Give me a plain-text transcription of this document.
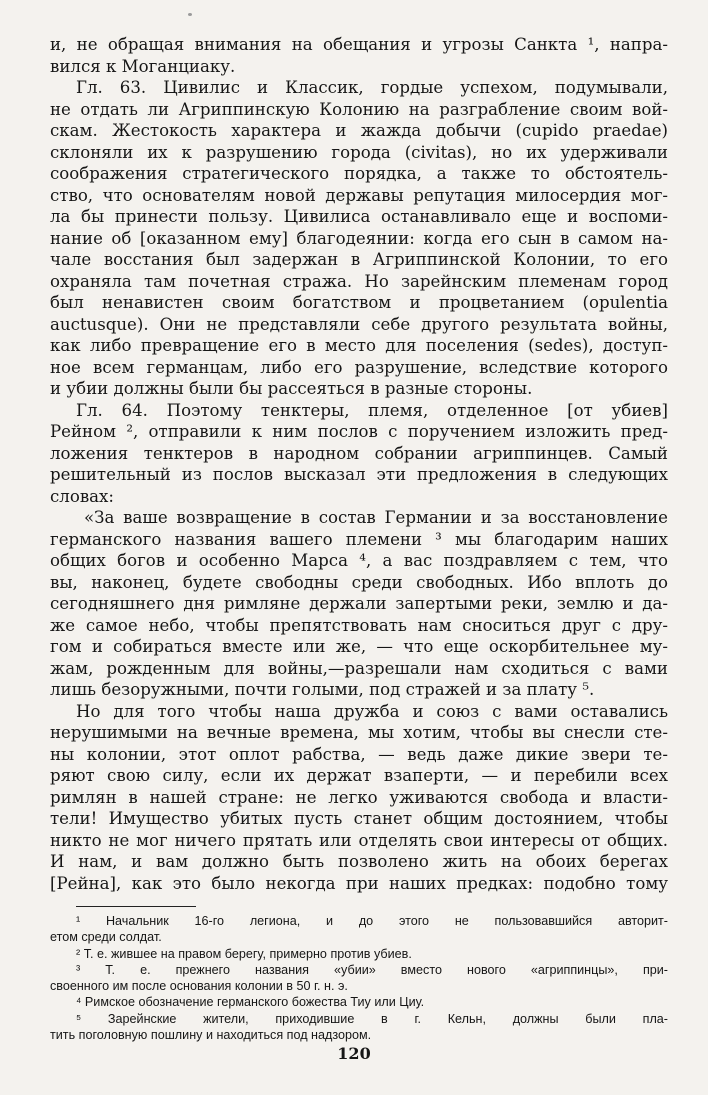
и, не обращая внимания на обещания и угрозы Санкта ¹, напра-
вился к Моганциаку.
Гл. 63. Цивилис и Классик, гордые успехом, подумывали,
не отдать ли Агриппинскую Колонию на разграбление своим вой-
скам. Жестокость характера и жажда добычи (cupido praedae)
склоняли их к разрушению города (civitas), но их удерживали
соображения стратегического порядка, а также то обстоятель-
ство, что основателям новой державы репутация милосердия мог-
ла бы принести пользу. Цивилиса останавливало еще и воспоми-
нание об [оказанном ему] благодеянии: когда его сын в самом на-
чале восстания был задержан в Агриппинской Колонии, то его
охраняла там почетная стража. Но зарейнским племенам город
был ненавистен своим богатством и процветанием (opulentia
auctusque). Они не представляли себе другого результата войны,
как либо превращение его в место для поселения (sedes), доступ-
ное всем германцам, либо его разрушение, вследствие которого
и убии должны были бы рассеяться в разные стороны.
Гл. 64. Поэтому тенктеры, племя, отделенное [от убиев]
Рейном ², отправили к ним послов с поручением изложить пред-
ложения тенктеров в народном собрании агриппинцев. Самый
решительный из послов высказал эти предложения в следующих
словах:
«За ваше возвращение в состав Германии и за восстановление
германского названия вашего племени ³ мы благодарим наших
общих богов и особенно Марса ⁴, а вас поздравляем с тем, что
вы, наконец, будете свободны среди свободных. Ибо вплоть до
сегодняшнего дня римляне держали запертыми реки, землю и да-
же самое небо, чтобы препятствовать нам сноситься друг с дру-
гом и собираться вместе или же, — что еще оскорбительнее му-
жам, рожденным для войны,—разрешали нам сходиться с вами
лишь безоружными, почти голыми, под стражей и за плату ⁵.
Но для того чтобы наша дружба и союз с вами оставались
нерушимыми на вечные времена, мы хотим, чтобы вы снесли сте-
ны колонии, этот оплот рабства, — ведь даже дикие звери те-
ряют свою силу, если их держат взаперти, — и перебили всех
римлян в нашей стране: не легко уживаются свобода и власти-
тели! Имущество убитых пусть станет общим достоянием, чтобы
никто не мог ничего прятать или отделять свои интересы от общих.
И нам, и вам должно быть позволено жить на обоих берегах
[Рейна], как это было некогда при наших предках: подобно тому
¹ Начальник 16-го легиона, и до этого не пользовавшийся авторит-
етом среди солдат.
² Т. е. жившее на правом берегу, примерно против убиев.
³ Т. е. прежнего названия «убии» вместо нового «агриппинцы», при-
своенного им после основания колонии в 50 г. н. э.
⁴ Римское обозначение германского божества Тиу или Циу.
⁵ Зарейнские жители, приходившие в г. Кельн, должны были пла-
тить поголовную пошлину и находиться под надзором.
120
